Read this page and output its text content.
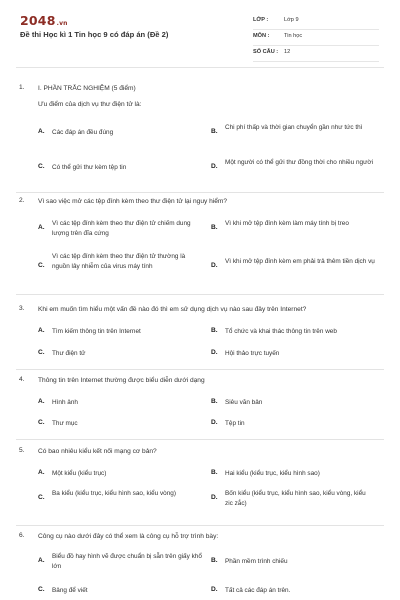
2048.vn
Đề thi Học kì 1 Tin học 9 có đáp án (Đề 2)
LỚP :	Lớp 9
MÔN :	Tin học
SỐ CÂU : 12
1. I. PHẦN TRẮC NGHIỆM (5 điểm)
Ưu điểm của dịch vụ thư điện tử là:
A. Các đáp án đều đúng	B.
Chi phí thấp và thời gian chuyển gần như tức thì
C. Có thể gửi thư kèm tệp tin	D.
Một người có thể gửi thư đồng thời cho nhiều người
2. Vì sao việc mở các tệp đính kèm theo thư điện tử lại nguy hiểm?
A.
Vì các tệp đính kèm theo thư điện tử chiếm dung lượng trên đĩa cứng
B.
Vì khi mở tệp đính kèm làm máy tính bị treo
C.
Vì các tệp đính kèm theo thư điện tử thường là nguồn lây nhiễm của virus máy tính	D.
Vì khi mở tệp đính kèm em phải trả thêm tiền dịch vụ
3. Khi em muốn tìm hiểu một vấn đề nào đó thì em sử dụng dịch vụ nào sau đây trên Internet?
A. Tìm kiếm thông tin trên Internet	B. Tổ chức và khai thác thông tin trên web
C. Thư điện tử	D. Hội thảo trực tuyến
4. Thông tin trên Internet thường được biểu diễn dưới dạng
A. Hình ảnh	B. Siêu văn bản
C. Thư mục	D. Tệp tin
5. Có bao nhiêu kiểu kết nối mạng cơ bản?
A. Một kiểu (kiểu trục)	B. Hai kiểu (kiểu trục, kiểu hình sao)
C.
Ba kiểu (kiểu trục, kiểu hình sao, kiểu vòng)
D.
Bốn kiểu (kiểu trục, kiểu hình sao, kiểu vòng, kiểu zic zắc)
6. Công cụ nào dưới đây có thể xem là công cụ hỗ trợ trình bày:
A.
Biểu đồ hay hình vẽ được chuẩn bị sẵn trên giấy khổ lớn
B. Phần mềm trình chiếu
C. Bảng để viết	D. Tất cả các đáp án trên.
